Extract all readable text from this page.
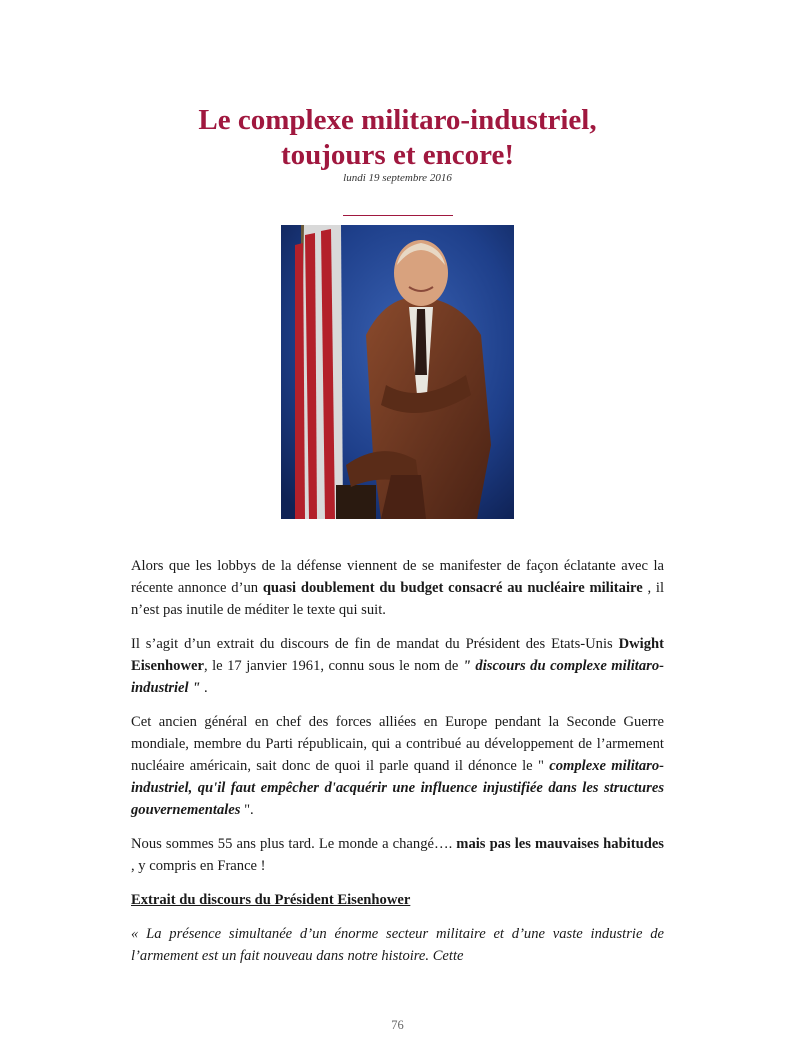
Le complexe militaro-industriel,
toujours et encore!
lundi 19 septembre 2016

Alors que les lobbys de la défense viennent de se manifester de façon éclatante avec la récente annonce d’un quasi doublement du budget consacré au nucléaire militaire , il n’est pas inutile de méditer le texte qui suit.

Il s’agit d’un extrait du discours de fin de mandat du Président des Etats-Unis Dwight Eisenhower, le 17 janvier 1961, connu sous le nom de " discours du complexe militaro-industriel " .

Cet ancien général en chef des forces alliées en Europe pendant la Seconde Guerre mondiale, membre du Parti républicain, qui a contribué au développement de l’armement nucléaire américain, sait donc de quoi il parle quand il dénonce le " complexe militaro-industriel, qu'il faut empêcher d'acquérir une influence injustifiée dans les structures gouvernementales ".

Nous sommes 55 ans plus tard. Le monde a changé…. mais pas les mauvaises habitudes , y compris en France !

Extrait du discours du Président Eisenhower

« La présence simultanée d’un énorme secteur militaire et d’une vaste industrie de l’armement est un fait nouveau dans notre histoire. Cette

76
